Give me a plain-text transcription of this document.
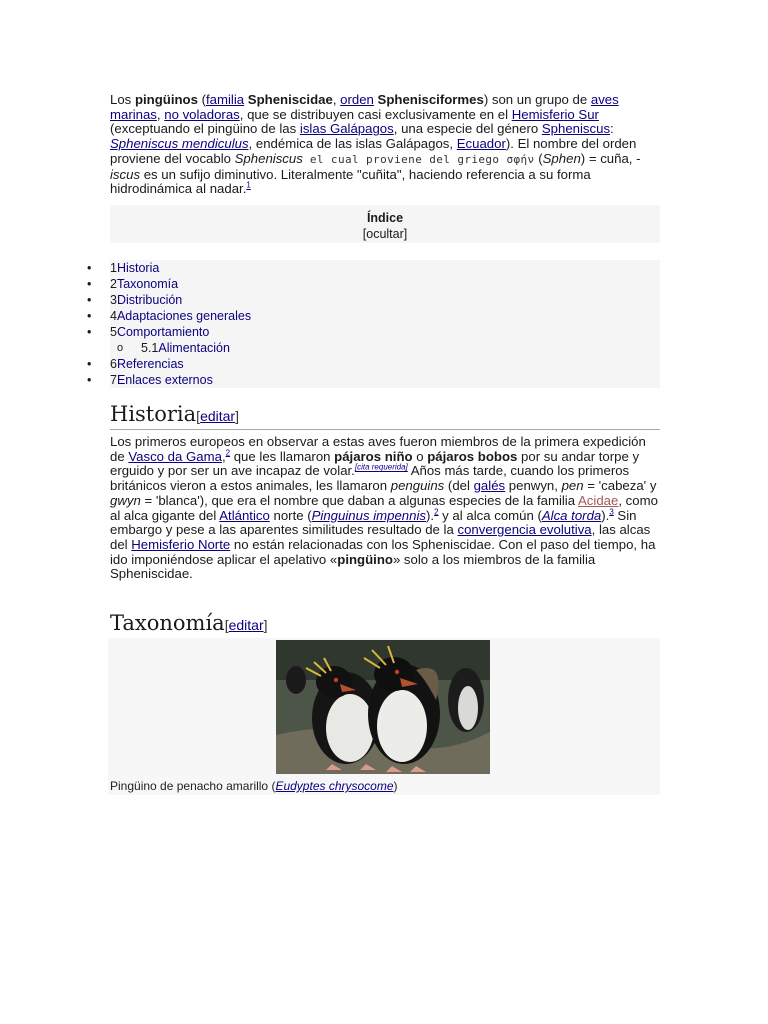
Los pingüinos (familia Spheniscidae, orden Sphenisciformes) son un grupo de aves marinas, no voladoras, que se distribuyen casi exclusivamente en el Hemisferio Sur (exceptuando el pingüino de las islas Galápagos, una especie del género Spheniscus: Spheniscus mendiculus, endémica de las islas Galápagos, Ecuador). El nombre del orden proviene del vocablo Spheniscus el cual proviene del griego σφήν (Sphen) = cuña, -iscus es un sufijo diminutivo. Literalmente "cuñita", haciendo referencia a su forma hidrodinámica al nadar.$^1$

Índice
[ocultar]
• 1Historia
• 2Taxonomía
• 3Distribución
• 4Adaptaciones generales
• 5Comportamiento
o 5.1Alimentación
• 6Referencias
• 7Enlaces externos
Historia[editar]

Los primeros europeos en observar a estas aves fueron miembros de la primera expedición de Vasco da Gama,$^2$ que les llamaron pájaros niño o pájaros bobos por su andar torpe y erguido y por ser un ave incapaz de volar.[cita requerida] Años más tarde, cuando los primeros británicos vieron a estos animales, les llamaron penguins (del galés penwyn, pen = 'cabeza' y gwyn = 'blanca'), que era el nombre que daban a algunas especies de la familia Acidae, como al alca gigante del Atlántico norte (Pinguinus impennis).$^2$ y al alca común (Alca torda).$^3$ Sin embargo y pese a las aparentes similitudes resultado de la convergencia evolutiva, las alcas del Hemisferio Norte no están relacionadas con los Spheniscidae. Con el paso del tiempo, ha ido imponiéndose aplicar el apelativo «pingüino» solo a los miembros de la familia Spheniscidae.

Taxonomía[editar]
Pingüino de penacho amarillo (Eudyptes chrysocome)
